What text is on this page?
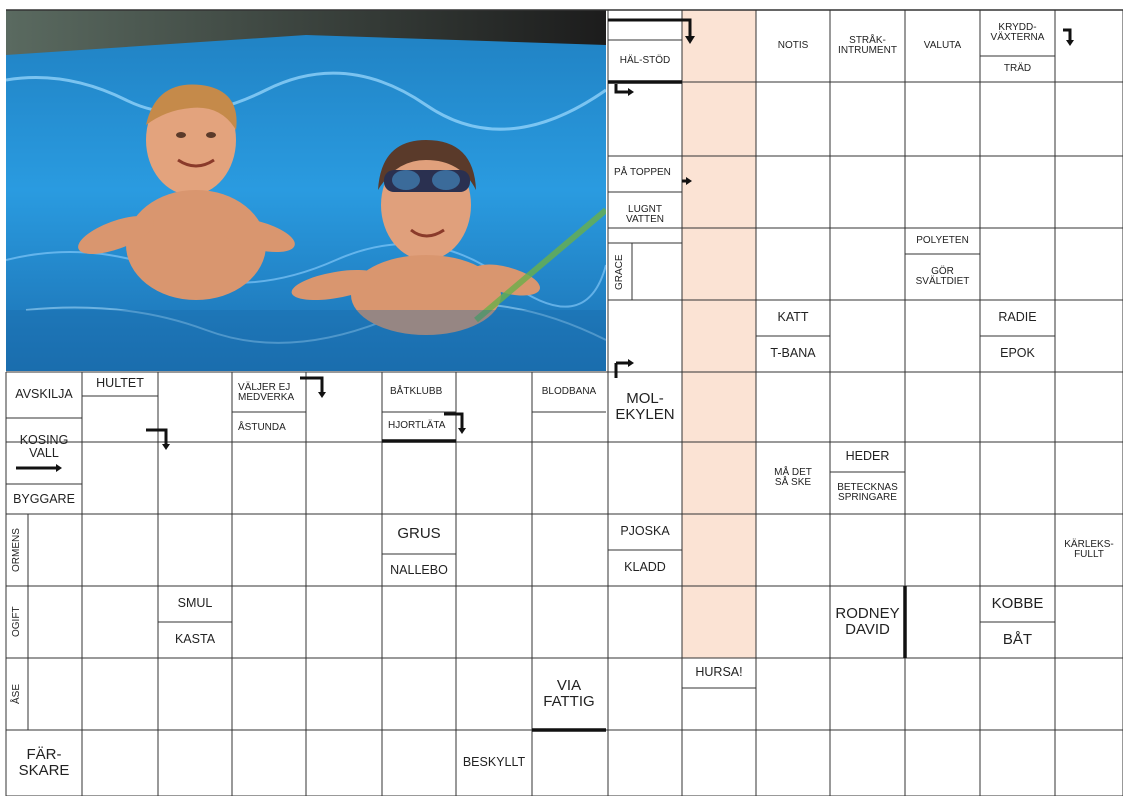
HÄL-STÖD
NOTIS	STRÅK-
INTRUMENT	VALUTA
KRYDD-
VÄXTERNA
TRÄD
PÅ TOPPEN
LUGNT
VATTEN
POLYETEN
GÖR
SVÄLTDIET
GRACE
KATT	RADIE
T-BANA	EPOK
AVSKILJA
HULTET	VÄLJER EJ
MEDVERKA
ÅSTUNDA
BÅTKLUBB
HJORTLÄTA
BLODBANA	MOL-
EKYLEN
KOSING
VALL
BYGGARE
MÅ DET
SÅ SKE
HEDER
BETECKNAS
SPRINGARE
ORMENS	GRUS
NALLEBO
PJOSKA
KLADD
KÄRLEKS-
FULLT
OGIFT
SMUL
KASTA
RODNEY
DAVID
KOBBE
BÅT
ÅSE	VIA
FATTIG
HURSA!
FÄR-
SKARE	BESKYLLT
